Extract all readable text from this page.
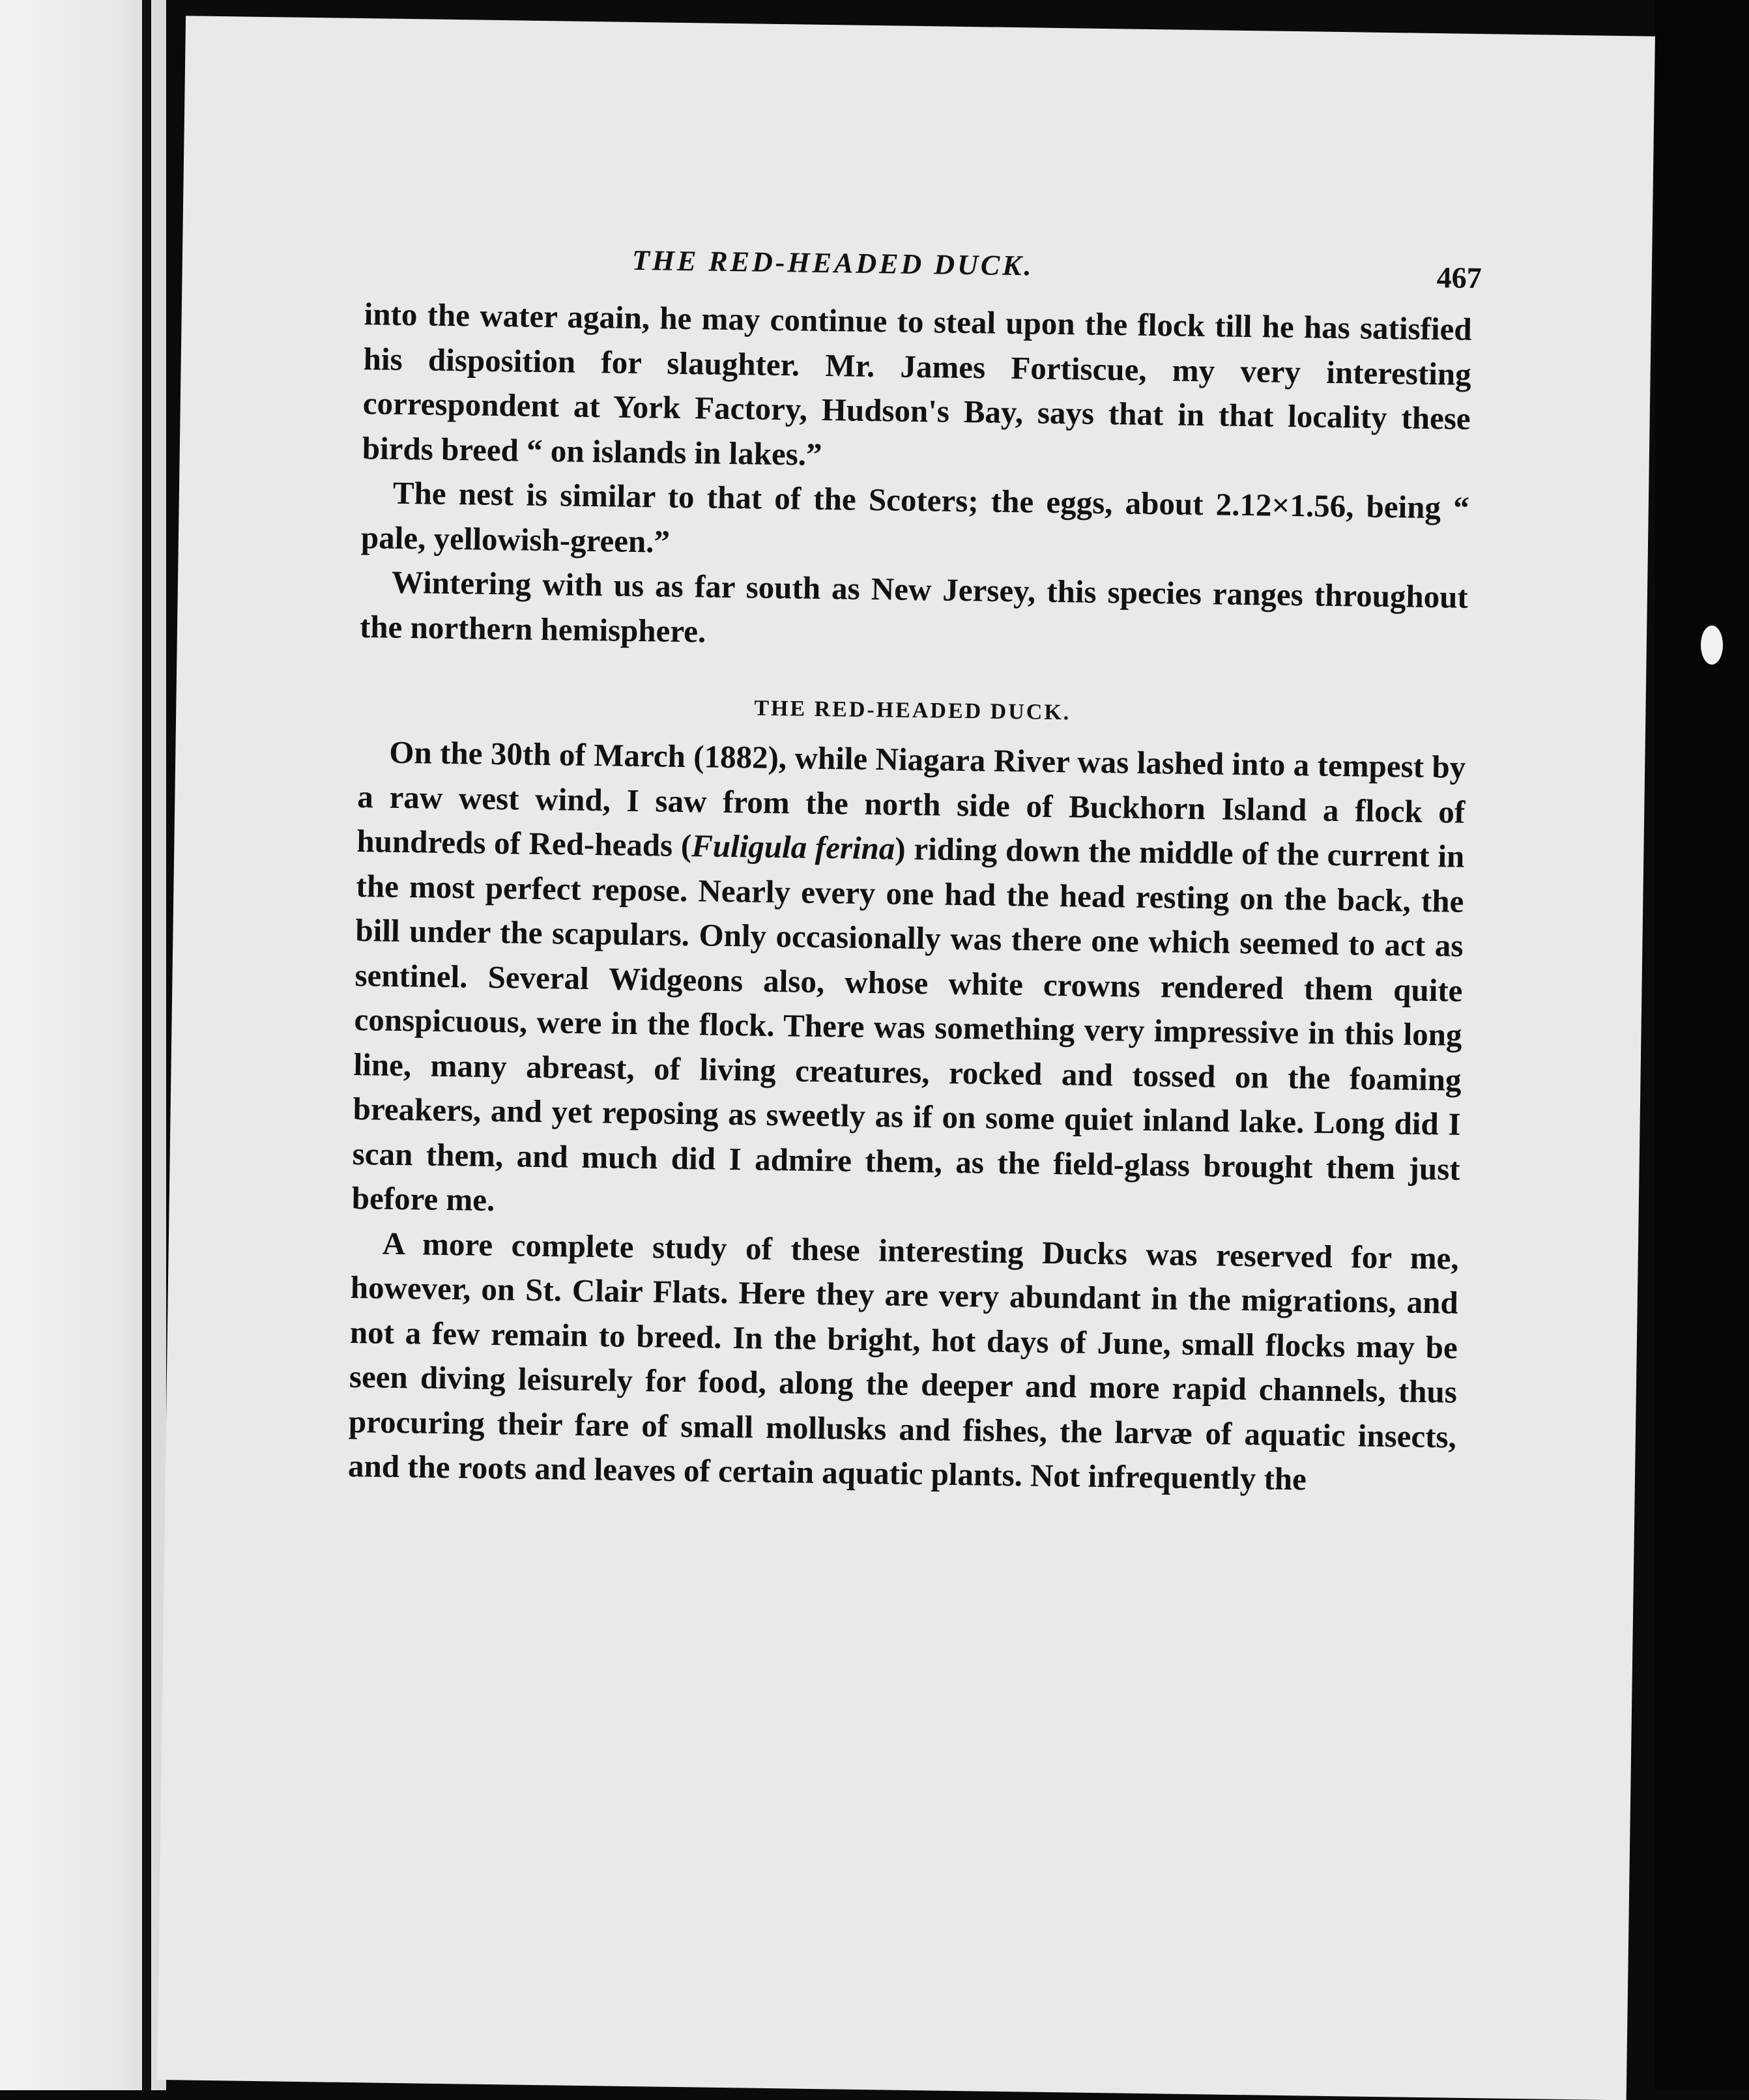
THE RED-HEADED DUCK.	467

into the water again, he may continue to steal upon the flock till he has satisfied his disposition for slaughter. Mr. James Fortiscue, my very interesting correspondent at York Factory, Hudson's Bay, says that in that locality these birds breed “ on islands in lakes.”

The nest is similar to that of the Scoters; the eggs, about 2.12×1.56, being “ pale, yellowish-green.”

Wintering with us as far south as New Jersey, this species ranges throughout the northern hemisphere.

THE RED-HEADED DUCK.

On the 30th of March (1882), while Niagara River was lashed into a tempest by a raw west wind, I saw from the north side of Buckhorn Island a flock of hundreds of Red-heads (Fuligula ferina) riding down the middle of the current in the most perfect repose. Nearly every one had the head resting on the back, the bill under the scapulars. Only occasionally was there one which seemed to act as sentinel. Several Widgeons also, whose white crowns rendered them quite conspicuous, were in the flock. There was something very impressive in this long line, many abreast, of living creatures, rocked and tossed on the foaming breakers, and yet reposing as sweetly as if on some quiet inland lake. Long did I scan them, and much did I admire them, as the field-glass brought them just before me.

A more complete study of these interesting Ducks was reserved for me, however, on St. Clair Flats. Here they are very abundant in the migrations, and not a few remain to breed. In the bright, hot days of June, small flocks may be seen diving leisurely for food, along the deeper and more rapid channels, thus procuring their fare of small mollusks and fishes, the larvæ of aquatic insects, and the roots and leaves of certain aquatic plants. Not infrequently the
